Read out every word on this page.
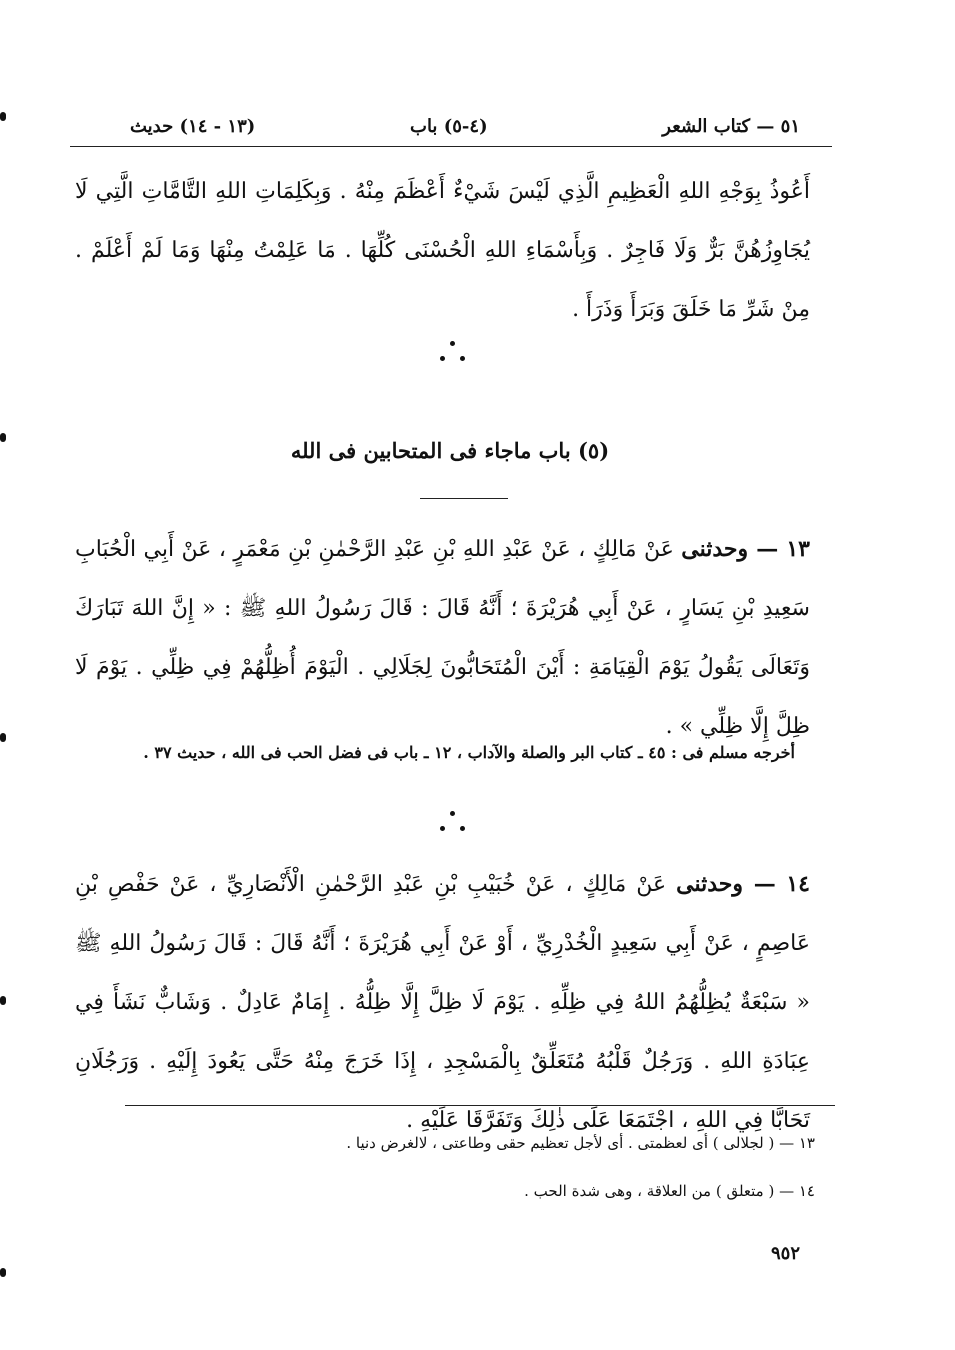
٥١ — كتاب الشعر
(٤-٥) باب
(١٣ - ١٤) حديث

أَعُوذُ بِوَجْهِ اللهِ الْعَظِيمِ الَّذِي لَيْسَ شَيْءٌ أَعْظَمَ مِنْهُ . وَبِكَلِمَاتِ اللهِ التَّامَّاتِ الَّتِي لَا يُجَاوِزُهُنَّ بَرٌّ وَلَا فَاجِرٌ . وَبِأَسْمَاءِ اللهِ الْحُسْنَى كُلِّهَا . مَا عَلِمْتُ مِنْهَا وَمَا لَمْ أَعْلَمْ . مِنْ شَرِّ مَا خَلَقَ وَبَرَأَ وَذَرَأَ .

(٥) باب ماجاء فى المتحابين فى الله

١٣ — وحدثنى عَنْ مَالِكٍ ، عَنْ عَبْدِ اللهِ بْنِ عَبْدِ الرَّحْمٰنِ بْنِ مَعْمَرٍ ، عَنْ أَبِي الْحُبَابِ سَعِيدِ بْنِ يَسَارٍ ، عَنْ أَبِي هُرَيْرَةَ ؛ أَنَّهُ قَالَ : قَالَ رَسُولُ اللهِ ﷺ : « إِنَّ اللهَ تَبَارَكَ وَتَعَالَى يَقُولُ يَوْمَ الْقِيَامَةِ : أَيْنَ الْمُتَحَابُّونَ لِجَلَالِي . الْيَوْمَ أُظِلُّهُمْ فِي ظِلِّي . يَوْمَ لَا ظِلَّ إِلَّا ظِلِّي » .

أخرجه مسلم فى : ٤٥ ـ كتاب البر والصلة والآداب ، ١٢ ـ باب فى فضل الحب فى الله ، حديث ٣٧ .

١٤ — وحدثنى عَنْ مَالِكٍ ، عَنْ خُبَيْبِ بْنِ عَبْدِ الرَّحْمٰنِ الْأَنْصَارِيِّ ، عَنْ حَفْصِ بْنِ عَاصِمٍ ، عَنْ أَبِي سَعِيدٍ الْخُدْرِيِّ ، أَوْ عَنْ أَبِي هُرَيْرَةَ ؛ أَنَّهُ قَالَ : قَالَ رَسُولُ اللهِ ﷺ « سَبْعَةٌ يُظِلُّهُمُ اللهُ فِي ظِلِّهِ . يَوْمَ لَا ظِلَّ إِلَّا ظِلُّهُ . إِمَامٌ عَادِلٌ . وَشَابٌّ نَشَأَ فِي عِبَادَةِ اللهِ . وَرَجُلٌ قَلْبُهُ مُتَعَلِّقٌ بِالْمَسْجِدِ ، إِذَا خَرَجَ مِنْهُ حَتَّى يَعُودَ إِلَيْهِ . وَرَجُلَانِ تَحَابَّا فِي اللهِ ، اجْتَمَعَا عَلَى ذٰلِكَ وَتَفَرَّقَا عَلَيْهِ .

١٣ — ( لجلالى ) أى لعظمتى . أى لأجل تعظيم حقى وطاعتى ، لالغرض دنيا .
١٤ — ( متعلق ) من العلاقة ، وهى شدة الحب .
٩٥٢
